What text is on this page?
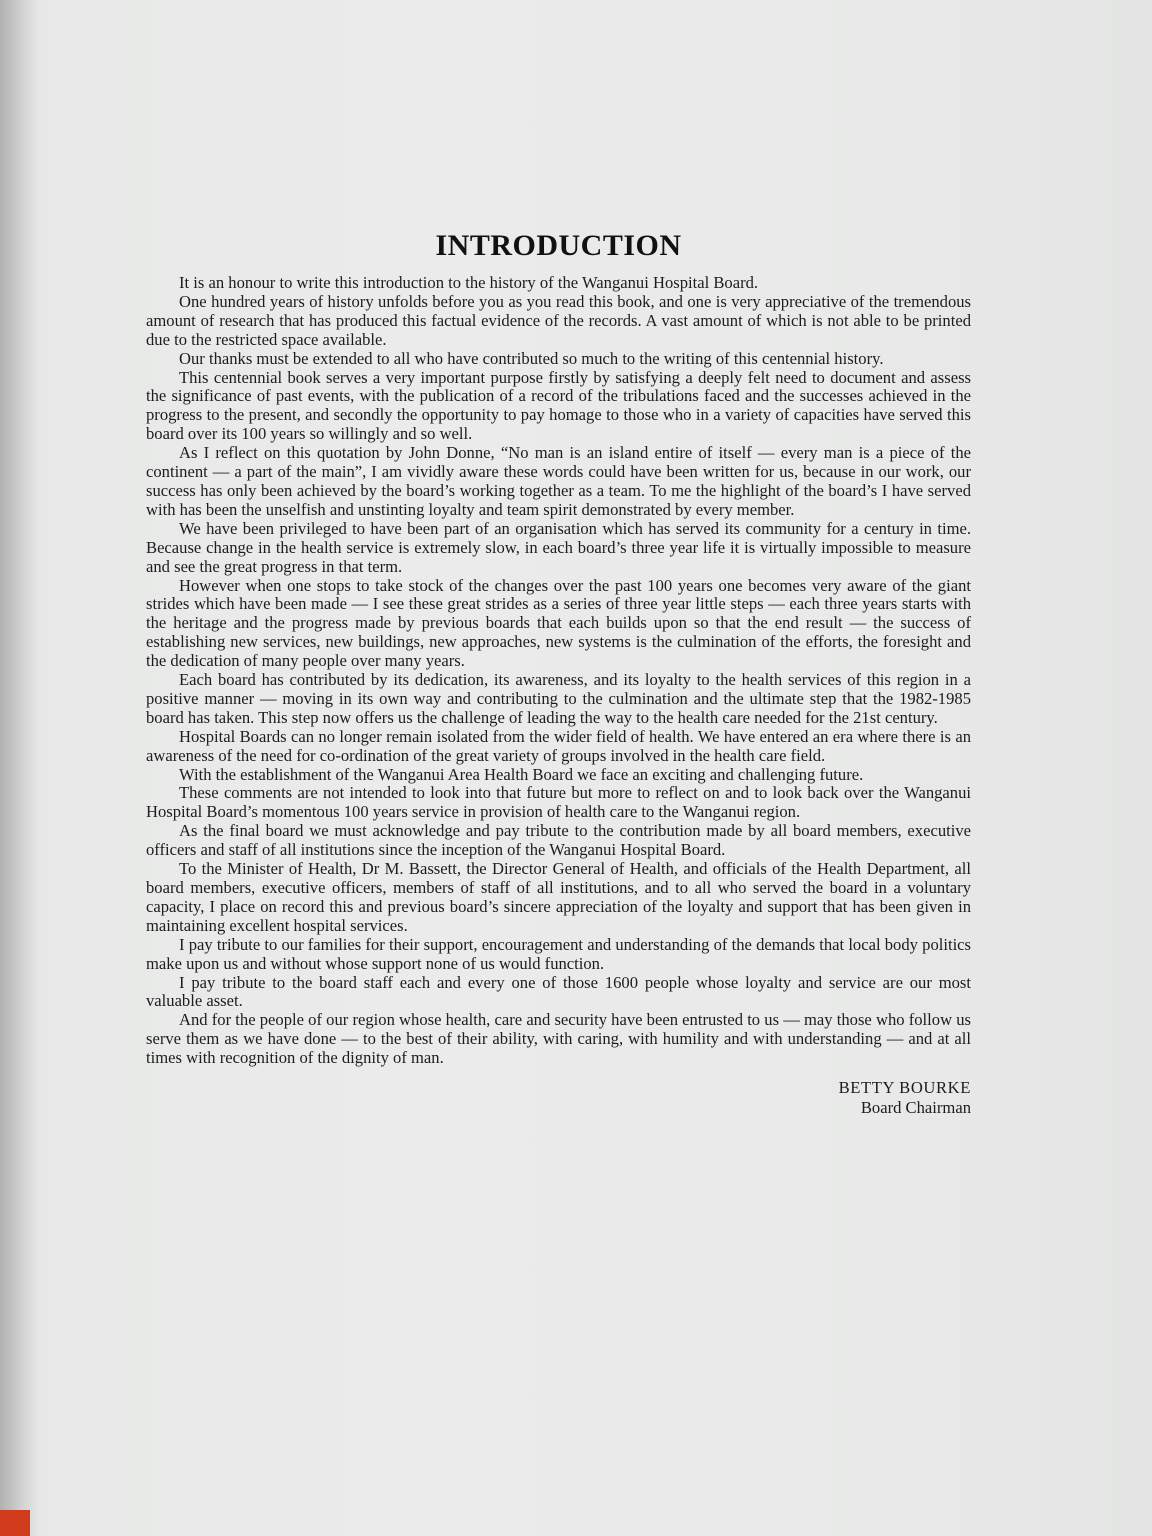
INTRODUCTION

It is an honour to write this introduction to the history of the Wanganui Hospital Board.

One hundred years of history unfolds before you as you read this book, and one is very appreciative of the tremendous amount of research that has produced this factual evidence of the records. A vast amount of which is not able to be printed due to the restricted space available.

Our thanks must be extended to all who have contributed so much to the writing of this centennial history.

This centennial book serves a very important purpose firstly by satisfying a deeply felt need to document and assess the significance of past events, with the publication of a record of the tribulations faced and the successes achieved in the progress to the present, and secondly the opportunity to pay homage to those who in a variety of capacities have served this board over its 100 years so willingly and so well.

As I reflect on this quotation by John Donne, “No man is an island entire of itself — every man is a piece of the continent — a part of the main”, I am vividly aware these words could have been written for us, because in our work, our success has only been achieved by the board’s working together as a team. To me the highlight of the board’s I have served with has been the unselfish and unstinting loyalty and team spirit demonstrated by every member.

We have been privileged to have been part of an organisation which has served its community for a century in time. Because change in the health service is extremely slow, in each board’s three year life it is virtually impossible to measure and see the great progress in that term.

However when one stops to take stock of the changes over the past 100 years one becomes very aware of the giant strides which have been made — I see these great strides as a series of three year little steps — each three years starts with the heritage and the progress made by previous boards that each builds upon so that the end result — the success of establishing new services, new buildings, new approaches, new systems is the culmination of the efforts, the foresight and the dedication of many people over many years.

Each board has contributed by its dedication, its awareness, and its loyalty to the health services of this region in a positive manner — moving in its own way and contributing to the culmination and the ultimate step that the 1982-1985 board has taken. This step now offers us the challenge of leading the way to the health care needed for the 21st century.

Hospital Boards can no longer remain isolated from the wider field of health. We have entered an era where there is an awareness of the need for co-ordination of the great variety of groups involved in the health care field.

With the establishment of the Wanganui Area Health Board we face an exciting and challenging future.

These comments are not intended to look into that future but more to reflect on and to look back over the Wanganui Hospital Board’s momentous 100 years service in provision of health care to the Wanganui region.

As the final board we must acknowledge and pay tribute to the contribution made by all board members, executive officers and staff of all institutions since the inception of the Wanganui Hospital Board.

To the Minister of Health, Dr M. Bassett, the Director General of Health, and officials of the Health Department, all board members, executive officers, members of staff of all institutions, and to all who served the board in a voluntary capacity, I place on record this and previous board’s sincere appreciation of the loyalty and support that has been given in maintaining excellent hospital services.

I pay tribute to our families for their support, encouragement and understanding of the demands that local body politics make upon us and without whose support none of us would function.

I pay tribute to the board staff each and every one of those 1600 people whose loyalty and service are our most valuable asset.

And for the people of our region whose health, care and security have been entrusted to us — may those who follow us serve them as we have done — to the best of their ability, with caring, with humility and with understanding — and at all times with recognition of the dignity of man.

BETTY BOURKE
Board Chairman
